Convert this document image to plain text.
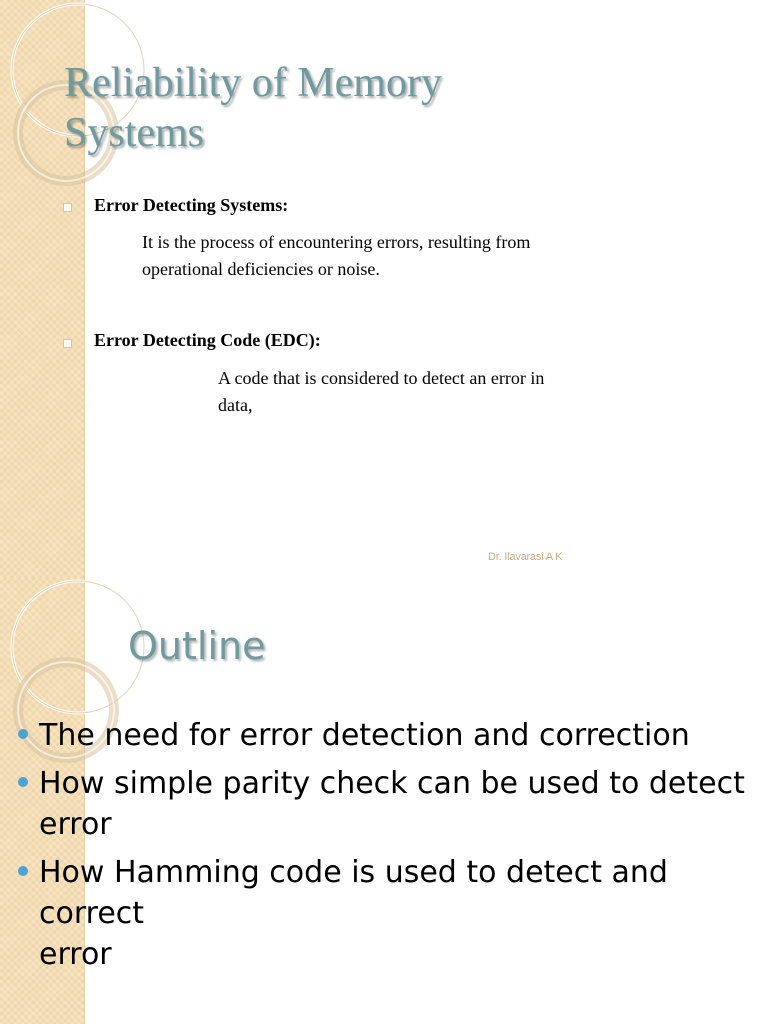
Reliability of Memory
Systems

Error Detecting Systems:

It is the process of encountering errors, resulting from

operational deficiencies or noise.

Error Detecting Code (EDC):

A code that is considered to detect an error in

data,

Dr. Ilavarasi A K
Outline
The need for error detection and correction
How simple parity check can be used to detect
error
How Hamming code is used to detect and correct
error
